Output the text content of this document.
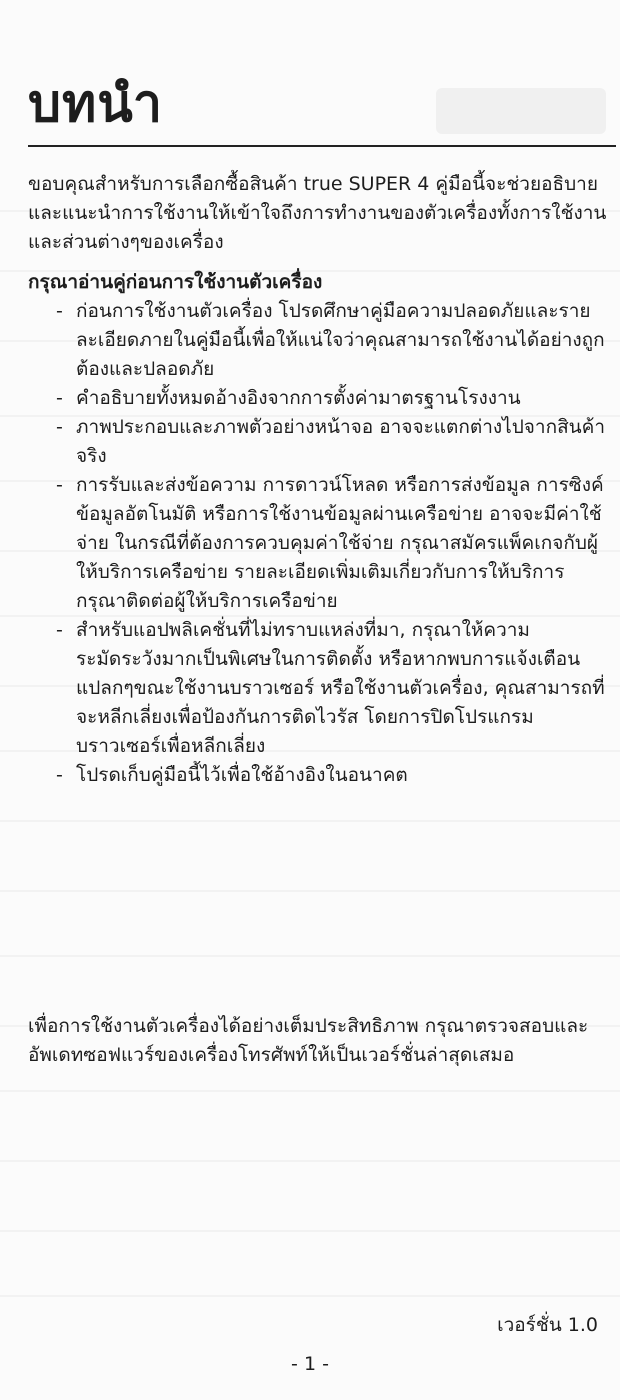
บทนำ

ขอบคุณสำหรับการเลือกซื้อสินค้า true SUPER 4 คู่มือนี้จะช่วยอธิบายและแนะนำการใช้งานให้เข้าใจถึงการทำงานของตัวเครื่องทั้งการใช้งาน และส่วนต่างๆของเครื่อง

กรุณาอ่านคู่ก่อนการใช้งานตัวเครื่อง

- ก่อนการใช้งานตัวเครื่อง โปรดศึกษาคู่มือความปลอดภัยและรายละเอียดภายในคู่มือนี้เพื่อให้แน่ใจว่าคุณสามารถใช้งานได้อย่างถูกต้องและปลอดภัย
- คำอธิบายทั้งหมดอ้างอิงจากการตั้งค่ามาตรฐานโรงงาน
- ภาพประกอบและภาพตัวอย่างหน้าจอ อาจจะแตกต่างไปจากสินค้าจริง
- การรับและส่งข้อความ การดาวน์โหลด หรือการส่งข้อมูล การซิงค์ข้อมูลอัตโนมัติ หรือการใช้งานข้อมูลผ่านเครือข่าย อาจจะมีค่าใช้จ่าย ในกรณีที่ต้องการควบคุมค่าใช้จ่าย กรุณาสมัครแพ็คเกจกับผู้ให้บริการเครือข่าย รายละเอียดเพิ่มเติมเกี่ยวกับการให้บริการกรุณาติดต่อผู้ให้บริการเครือข่าย
- สำหรับแอปพลิเคชั่นที่ไม่ทราบแหล่งที่มา, กรุณาให้ความระมัดระวังมากเป็นพิเศษในการติดตั้ง หรือหากพบการแจ้งเตือนแปลกๆขณะใช้งานบราวเซอร์ หรือใช้งานตัวเครื่อง, คุณสามารถที่จะหลีกเลี่ยงเพื่อป้องกันการติดไวรัส โดยการปิดโปรแกรมบราวเซอร์เพื่อหลีกเลี่ยง
- โปรดเก็บคู่มือนี้ไว้เพื่อใช้อ้างอิงในอนาคต

เพื่อการใช้งานตัวเครื่องได้อย่างเต็มประสิทธิภาพ กรุณาตรวจสอบและอัพเดทซอฟแวร์ของเครื่องโทรศัพท์ให้เป็นเวอร์ชั่นล่าสุดเสมอ

เวอร์ชั่น 1.0
- 1 -
